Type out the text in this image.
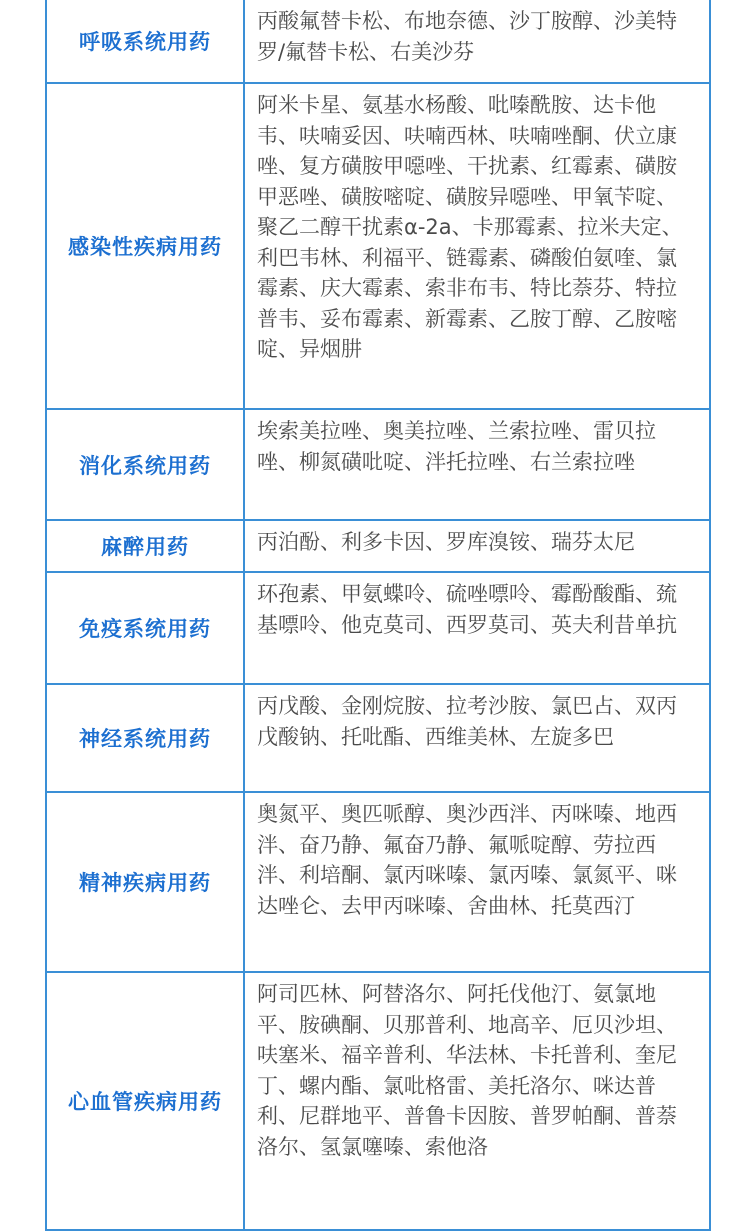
呼吸系统用药	丙酸氟替卡松、布地奈德、沙丁胺醇、沙美特罗/氟替卡松、右美沙芬
感染性疾病用药	阿米卡星、氨基水杨酸、吡嗪酰胺、达卡他韦、呋喃妥因、呋喃西林、呋喃唑酮、伏立康唑、复方磺胺甲噁唑、干扰素、红霉素、磺胺甲恶唑、磺胺嘧啶、磺胺异噁唑、甲氧苄啶、聚乙二醇干扰素α-2a、卡那霉素、拉米夫定、利巴韦林、利福平、链霉素、磷酸伯氨喹、氯霉素、庆大霉素、索非布韦、特比萘芬、特拉普韦、妥布霉素、新霉素、乙胺丁醇、乙胺嘧啶、异烟肼
消化系统用药	埃索美拉唑、奥美拉唑、兰索拉唑、雷贝拉唑、柳氮磺吡啶、泮托拉唑、右兰索拉唑
麻醉用药	丙泊酚、利多卡因、罗库溴铵、瑞芬太尼
免疫系统用药	环孢素、甲氨蝶呤、硫唑嘌呤、霉酚酸酯、巯基嘌呤、他克莫司、西罗莫司、英夫利昔单抗
神经系统用药	丙戊酸、金刚烷胺、拉考沙胺、氯巴占、双丙戊酸钠、托吡酯、西维美林、左旋多巴
精神疾病用药	奥氮平、奥匹哌醇、奥沙西泮、丙咪嗪、地西泮、奋乃静、氟奋乃静、氟哌啶醇、劳拉西泮、利培酮、氯丙咪嗪、氯丙嗪、氯氮平、咪达唑仑、去甲丙咪嗪、舍曲林、托莫西汀
心血管疾病用药	阿司匹林、阿替洛尔、阿托伐他汀、氨氯地平、胺碘酮、贝那普利、地高辛、厄贝沙坦、呋塞米、福辛普利、华法林、卡托普利、奎尼丁、螺内酯、氯吡格雷、美托洛尔、咪达普利、尼群地平、普鲁卡因胺、普罗帕酮、普萘洛尔、氢氯噻嗪、索他洛
